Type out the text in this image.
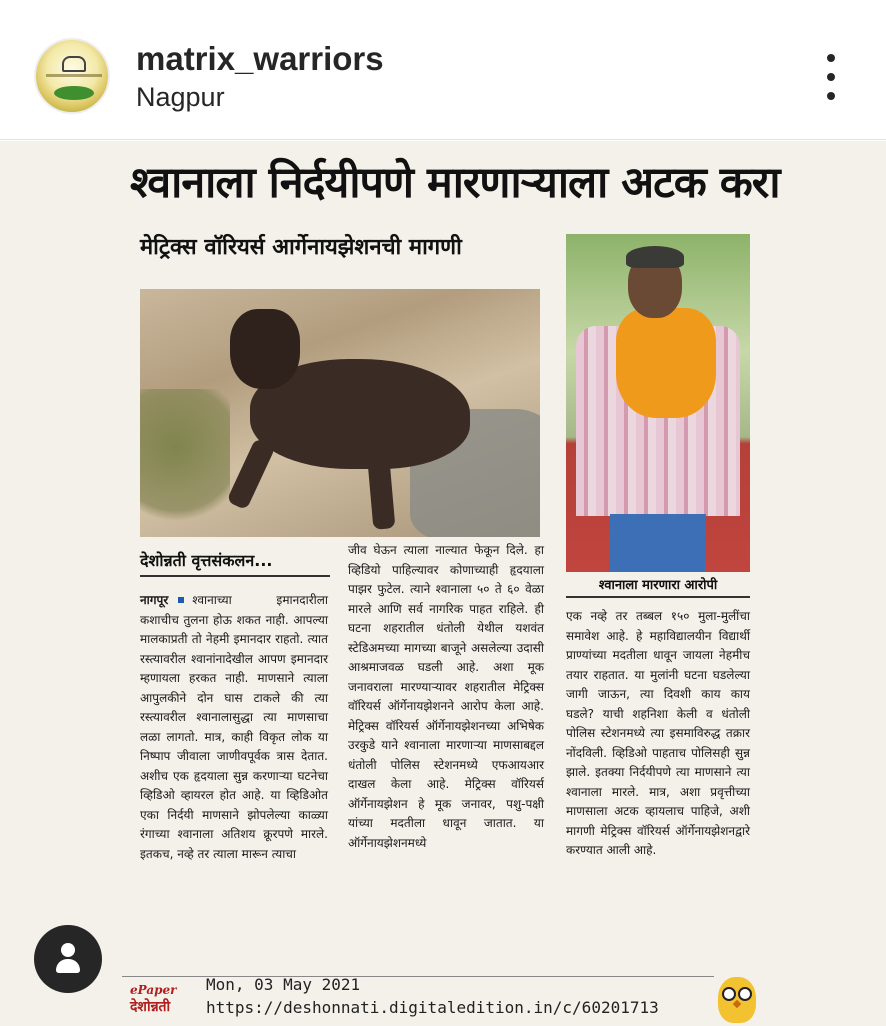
matrix_warriors
Nagpur
श्वानाला निर्दयीपणे मारणाऱ्याला अटक करा
मेट्रिक्स वॉरियर्स आर्गेनायझेशनची मागणी
श्वानाला मारणारा आरोपी
देशोन्नती वृत्तसंकलन...
नागपूर श्वानाच्या इमानदारीला कशाचीच तुलना होऊ शकत नाही. आपल्या मालकाप्रती तो नेहमी इमानदार राहतो. त्यात रस्त्यावरील श्वानांनादेखील आपण इमानदार म्हणायला हरकत नाही. माणसाने त्याला आपुलकीने दोन घास टाकले की त्या रस्त्यावरील श्वानालासुद्धा त्या माणसाचा लळा लागतो. मात्र, काही विकृत लोक या निष्पाप जीवाला जाणीवपूर्वक त्रास देतात. अशीच एक हृदयाला सुन्न करणाऱ्या घटनेचा व्हिडिओ व्हायरल होत आहे. या व्हिडिओत एका निर्दयी माणसाने झोपलेल्या काळ्या रंगाच्या श्वानाला अतिशय क्रूरपणे मारले. इतकच, नव्हे तर त्याला मारून त्याचा
जीव घेऊन त्याला नाल्यात फेकून दिले. हा व्हिडियो पाहिल्यावर कोणाच्याही हृदयाला पाझर फुटेल. त्याने श्वानाला ५० ते ६० वेळा मारले आणि सर्व नागरिक पाहत राहिले. ही घटना शहरातील धंतोली येथील यशवंत स्टेडिअमच्या मागच्या बाजूने असलेल्या उदासी आश्रमाजवळ घडली आहे. अशा मूक जनावराला मारण्याऱ्यावर शहरातील मेट्रिक्स वॉरियर्स ऑर्गेनायझेशनने आरोप केला आहे. मेट्रिक्स वॉरियर्स ऑर्गेनायझेशनच्या अभिषेक उरकुडे याने श्वानाला मारणाऱ्या माणसाबद्दल धंतोली पोलिस स्टेशनमध्ये एफआयआर दाखल केला आहे. मेट्रिक्स वॉरियर्स ऑर्गेनायझेशन हे मूक जनावर, पशु-पक्षी यांच्या मदतीला धावून जातात. या ऑर्गेनायझेशनमध्ये
एक नव्हे तर तब्बल १५० मुला-मुलींचा समावेश आहे. हे महाविद्यालयीन विद्यार्थी प्राण्यांच्या मदतीला धावून जायला नेहमीच तयार राहतात. या मुलांनी घटना घडलेल्या जागी जाऊन, त्या दिवशी काय काय घडले? याची शहनिशा केली व धंतोली पोलिस स्टेशनमध्ये त्या इसमाविरुद्ध तक्रार नोंदविली. व्हिडिओ पाहताच पोलिसही सुन्न झाले. इतक्या निर्दयीपणे त्या माणसाने त्या श्वानाला मारले. मात्र, अशा प्रवृत्तीच्या माणसाला अटक व्हायलाच पाहिजे, अशी मागणी मेट्रिक्स वॉरियर्स ऑर्गेनायझेशनद्वारे करण्यात आली आहे.
ePaper
देशोन्नती
Mon, 03 May 2021
https://deshonnati.digitaledition.in/c/60201713
